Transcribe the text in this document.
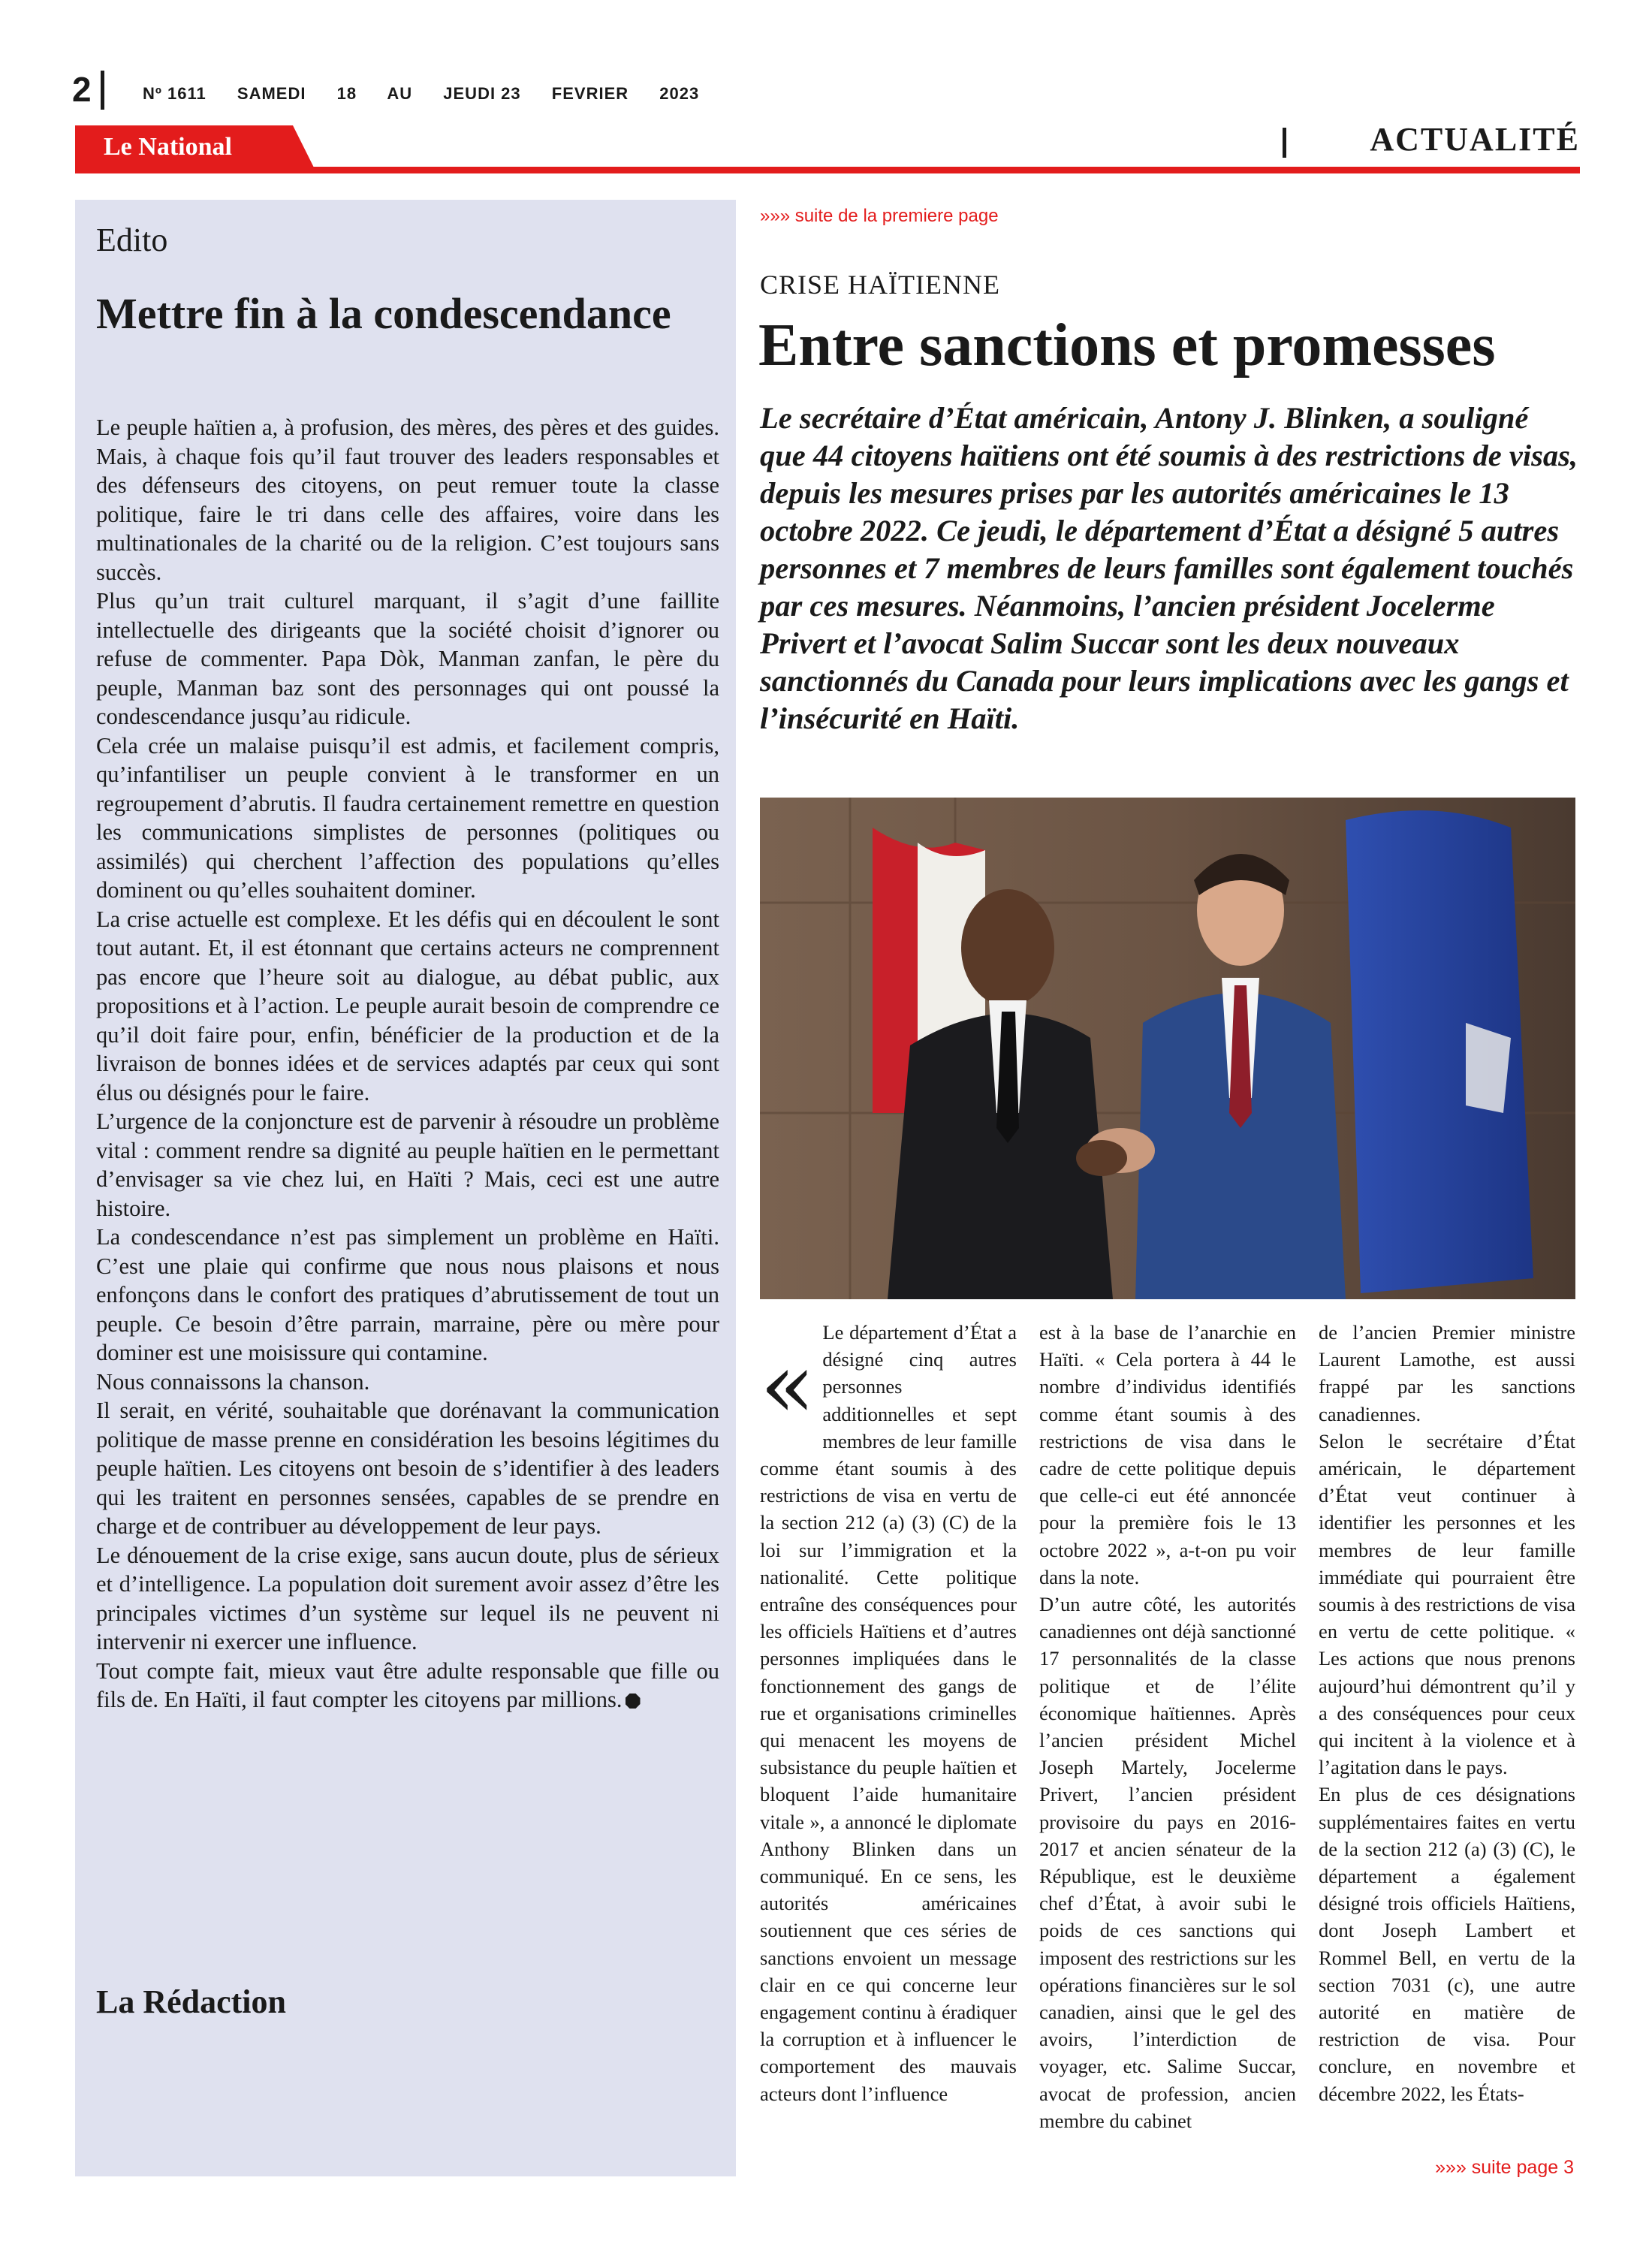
2	Nº 1611 SAMEDI 18 AU JEUDI 23 FEVRIER 2023
Le National	ACTUALITÉ
Edito
Mettre fin à la condescendance

Le peuple haïtien a, à profusion, des mères, des pères et des guides. Mais, à chaque fois qu’il faut trouver des leaders responsables et des défenseurs des citoyens, on peut remuer toute la classe politique, faire le tri dans celle des affaires, voire dans les multinationales de la charité ou de la religion. C’est toujours sans succès.

Plus qu’un trait culturel marquant, il s’agit d’une faillite intellectuelle des dirigeants que la société choisit d’ignorer ou refuse de commenter. Papa Dòk, Manman zanfan, le père du peuple, Manman baz sont des personnages qui ont poussé la condescendance jusqu’au ridicule.

Cela crée un malaise puisqu’il est admis, et facilement compris, qu’infantiliser un peuple convient à le transformer en un regroupement d’abrutis. Il faudra certainement remettre en question les communications simplistes de personnes (politiques ou assimilés) qui cherchent l’affection des populations qu’elles dominent ou qu’elles souhaitent dominer.

La crise actuelle est complexe. Et les défis qui en découlent le sont tout autant. Et, il est étonnant que certains acteurs ne comprennent pas encore que l’heure soit au dialogue, au débat public, aux propositions et à l’action. Le peuple aurait besoin de comprendre ce qu’il doit faire pour, enfin, bénéficier de la production et de la livraison de bonnes idées et de services adaptés par ceux qui sont élus ou désignés pour le faire.

L’urgence de la conjoncture est de parvenir à résoudre un problème vital : comment rendre sa dignité au peuple haïtien en le permettant d’envisager sa vie chez lui, en Haïti ? Mais, ceci est une autre histoire.

La condescendance n’est pas simplement un problème en Haïti. C’est une plaie qui confirme que nous nous plaisons et nous enfonçons dans le confort des pratiques d’abrutissement de tout un peuple. Ce besoin d’être parrain, marraine, père ou mère pour dominer est une moisissure qui contamine.

Nous connaissons la chanson.

Il serait, en vérité, souhaitable que dorénavant la communication politique de masse prenne en considération les besoins légitimes du peuple haïtien. Les citoyens ont besoin de s’identifier à des leaders qui les traitent en personnes sensées, capables de se prendre en charge et de contribuer au développement de leur pays.

Le dénouement de la crise exige, sans aucun doute, plus de sérieux et d’intelligence. La population doit surement avoir assez d’être les principales victimes d’un système sur lequel ils ne peuvent ni intervenir ni exercer une influence.

Tout compte fait, mieux vaut être adulte responsable que fille ou fils de. En Haïti, il faut compter les citoyens par millions.

La Rédaction
»»» suite de la premiere page
CRISE HAÏTIENNE
Entre sanctions et promesses
Le secrétaire d’État américain, Antony J. Blinken, a souligné que 44 citoyens haïtiens ont été soumis à des restrictions de visas, depuis les mesures prises par les autorités américaines le 13 octobre 2022. Ce jeudi, le département d’État a désigné 5 autres personnes et 7 membres de leurs familles sont également touchés par ces mesures. Néanmoins, l’ancien président Jocelerme Privert et l’avocat Salim Succar sont les deux nouveaux sanctionnés du Canada pour leurs implications avec les gangs et l’insécurité en Haïti.
«

Le département d’État a désigné cinq autres personnes additionnelles et sept membres de leur famille comme étant soumis à des restrictions de visa en vertu de la section 212 (a) (3) (C) de la loi sur l’immigration et la nationalité. Cette politique entraîne des conséquences pour les officiels Haïtiens et d’autres personnes impliquées dans le fonctionnement des gangs de rue et organisations criminelles qui menacent les moyens de subsistance du peuple haïtien et bloquent l’aide humanitaire vitale », a annoncé le diplomate Anthony Blinken dans un communiqué. En ce sens, les autorités américaines soutiennent que ces séries de sanctions envoient un message clair en ce qui concerne leur engagement continu à éradiquer la corruption et à influencer le comportement des mauvais acteurs dont l’influence

est à la base de l’anarchie en Haïti. « Cela portera à 44 le nombre d’individus identifiés comme étant soumis à des restrictions de visa dans le cadre de cette politique depuis que celle-ci eut été annoncée pour la première fois le 13 octobre 2022 », a-t-on pu voir dans la note.

D’un autre côté, les autorités canadiennes ont déjà sanctionné 17 personnalités de la classe politique et de l’élite économique haïtiennes. Après l’ancien président Michel Joseph Martely, Jocelerme Privert, l’ancien président provisoire du pays en 2016-2017 et ancien sénateur de la République, est le deuxième chef d’État, à avoir subi le poids de ces sanctions qui imposent des restrictions sur les opérations financières sur le sol canadien, ainsi que le gel des avoirs, l’interdiction de voyager, etc. Salime Succar, avocat de profession, ancien membre du cabinet

de l’ancien Premier ministre Laurent Lamothe, est aussi frappé par les sanctions canadiennes.

Selon le secrétaire d’État américain, le département d’État veut continuer à identifier les personnes et les membres de leur famille immédiate qui pourraient être soumis à des restrictions de visa en vertu de cette politique. « Les actions que nous prenons aujourd’hui démontrent qu’il y a des conséquences pour ceux qui incitent à la violence et à l’agitation dans le pays.

En plus de ces désignations supplémentaires faites en vertu de la section 212 (a) (3) (C), le département a également désigné trois officiels Haïtiens, dont Joseph Lambert et Rommel Bell, en vertu de la section 7031 (c), une autre autorité en matière de restriction de visa. Pour conclure, en novembre et décembre 2022, les États-

»»» suite page 3
